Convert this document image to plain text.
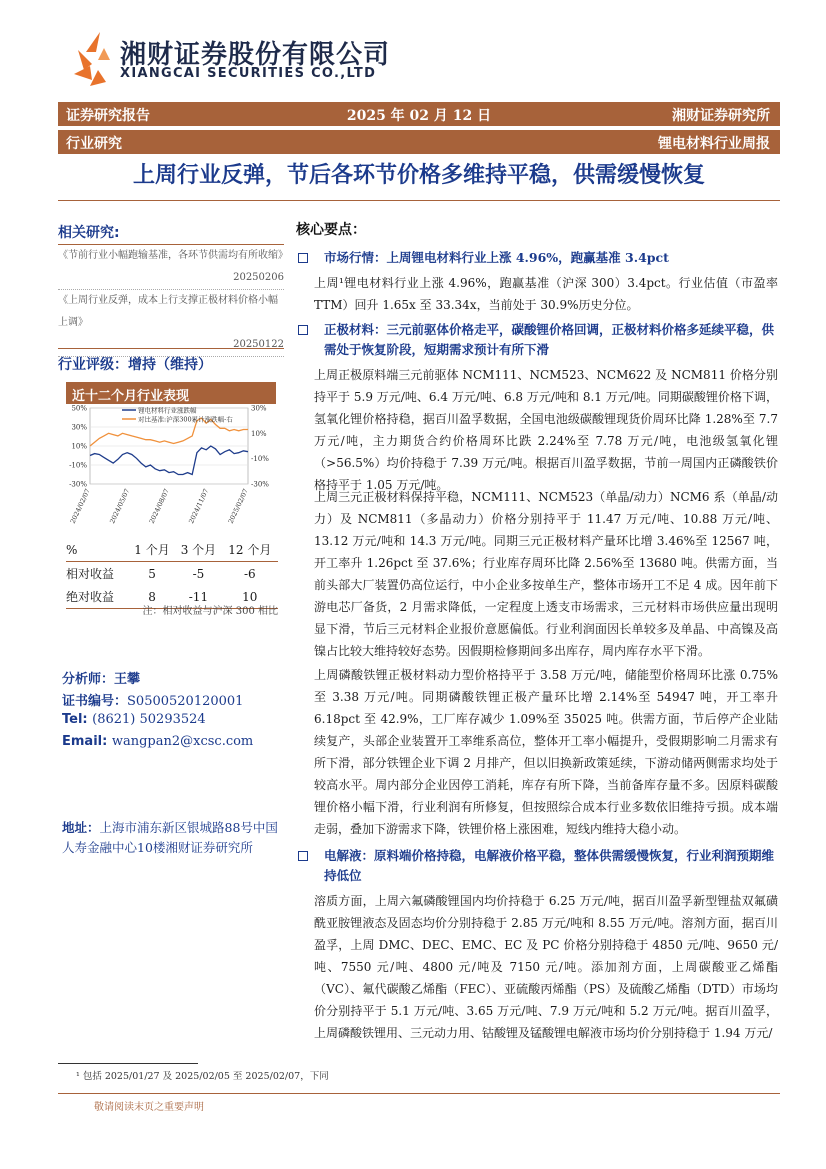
湘财证券股份有限公司
XIANGCAI SECURITIES CO.,LTD
证券研究报告	2025 年 02 月 12 日	湘财证券研究所
行业研究	锂电材料行业周报
上周行业反弹，节后各环节价格多维持平稳，供需缓慢恢复
相关研究:
《节前行业小幅跑输基准，各环节供需均有所收缩》
20250206
《上周行业反弹，成本上行支撑正极材料价格小幅上调》
20250122
行业评级：增持（维持）
近十二个月行业表现
50%
30%
10%
-10%
-30%
30%
10%
-10%
-30%
2024/02/07	2024/05/07	2024/08/07	2024/11/07	2025/02/07
锂电材料行业涨跌幅
对比基准:沪深300累计涨跌幅-右
%	1 个月	3 个月	12 个月
相对收益	5	-5	-6
绝对收益	8	-11	10
注：相对收益与沪深 300 相比
分析师：王攀
证书编号：S0500520120001
Tel: (8621) 50293524
Email: wangpan2@xcsc.com
地址：上海市浦东新区银城路88号中国人寿金融中心10楼湘财证券研究所
核心要点：
市场行情：上周锂电材料行业上涨 4.96%，跑赢基准 3.4pct
上周¹锂电材料行业上涨 4.96%，跑赢基准（沪深 300）3.4pct。行业估值（市盈率 TTM）回升 1.65x 至 33.34x，当前处于 30.9%历史分位。
正极材料：三元前驱体价格走平，碳酸锂价格回调，正极材料价格多延续平稳，供需处于恢复阶段，短期需求预计有所下滑
上周正极原料端三元前驱体 NCM111、NCM523、NCM622 及 NCM811 价格分别持平于 5.9 万元/吨、6.4 万元/吨、6.8 万元/吨和 8.1 万元/吨。同期碳酸锂价格下调，氢氧化锂价格持稳，据百川盈孚数据，全国电池级碳酸锂现货价周环比降 1.28%至 7.7 万元/吨，主力期货合约价格周环比跌 2.24%至 7.78 万元/吨，电池级氢氧化锂（>56.5%）均价持稳于 7.39 万元/吨。根据百川盈孚数据，节前一周国内正磷酸铁价格持平于 1.05 万元/吨。
上周三元正极材料保持平稳，NCM111、NCM523（单晶/动力）NCM6 系（单晶/动力）及 NCM811（多晶动力）价格分别持平于 11.47 万元/吨、10.88 万元/吨、13.12 万元/吨和 14.3 万元/吨。同期三元正极材料产量环比增 3.46%至 12567 吨，开工率升 1.26pct 至 37.6%；行业库存周环比降 2.56%至 13680 吨。供需方面，当前头部大厂装置仍高位运行，中小企业多按单生产，整体市场开工不足 4 成。因年前下游电芯厂备货，2 月需求降低，一定程度上透支市场需求，三元材料市场供应量出现明显下滑，节后三元材料企业报价意愿偏低。行业利润面因长单较多及单晶、中高镍及高镍占比较大维持较好态势。因假期检修期间多出库存，周内库存水平下滑。
上周磷酸铁锂正极材料动力型价格持平于 3.58 万元/吨，储能型价格周环比涨 0.75%至 3.38 万元/吨。同期磷酸铁锂正极产量环比增 2.14%至 54947 吨，开工率升 6.18pct 至 42.9%，工厂库存减少 1.09%至 35025 吨。供需方面，节后停产企业陆续复产，头部企业装置开工率维系高位，整体开工率小幅提升，受假期影响二月需求有所下滑，部分铁锂企业下调 2 月排产，但以旧换新政策延续，下游动储两侧需求均处于较高水平。周内部分企业因停工消耗，库存有所下降，当前备库存量不多。因原料碳酸锂价格小幅下滑，行业利润有所修复，但按照综合成本行业多数依旧维持亏损。成本端走弱，叠加下游需求下降，铁锂价格上涨困难，短线内维持大稳小动。
电解液：原料端价格持稳，电解液价格平稳，整体供需缓慢恢复，行业利润预期维持低位
溶质方面，上周六氟磷酸锂国内均价持稳于 6.25 万元/吨，据百川盈孚新型锂盐双氟磺酰亚胺锂液态及固态均价分别持稳于 2.85 万元/吨和 8.55 万元/吨。溶剂方面，据百川盈孚，上周 DMC、DEC、EMC、EC 及 PC 价格分别持稳于 4850 元/吨、9650 元/吨、7550 元/吨、4800 元/吨及 7150 元/吨。添加剂方面，上周碳酸亚乙烯酯（VC）、氟代碳酸乙烯酯（FEC）、亚硫酸丙烯酯（PS）及硫酸乙烯酯（DTD）市场均价分别持平于 5.1 万元/吨、3.65 万元/吨、7.9 万元/吨和 5.2 万元/吨。据百川盈孚，上周磷酸铁锂用、三元动力用、钴酸锂及锰酸锂电解液市场均价分别持稳于 1.94 万元/
¹ 包括 2025/01/27 及 2025/02/05 至 2025/02/07，下同
敬请阅读末页之重要声明
